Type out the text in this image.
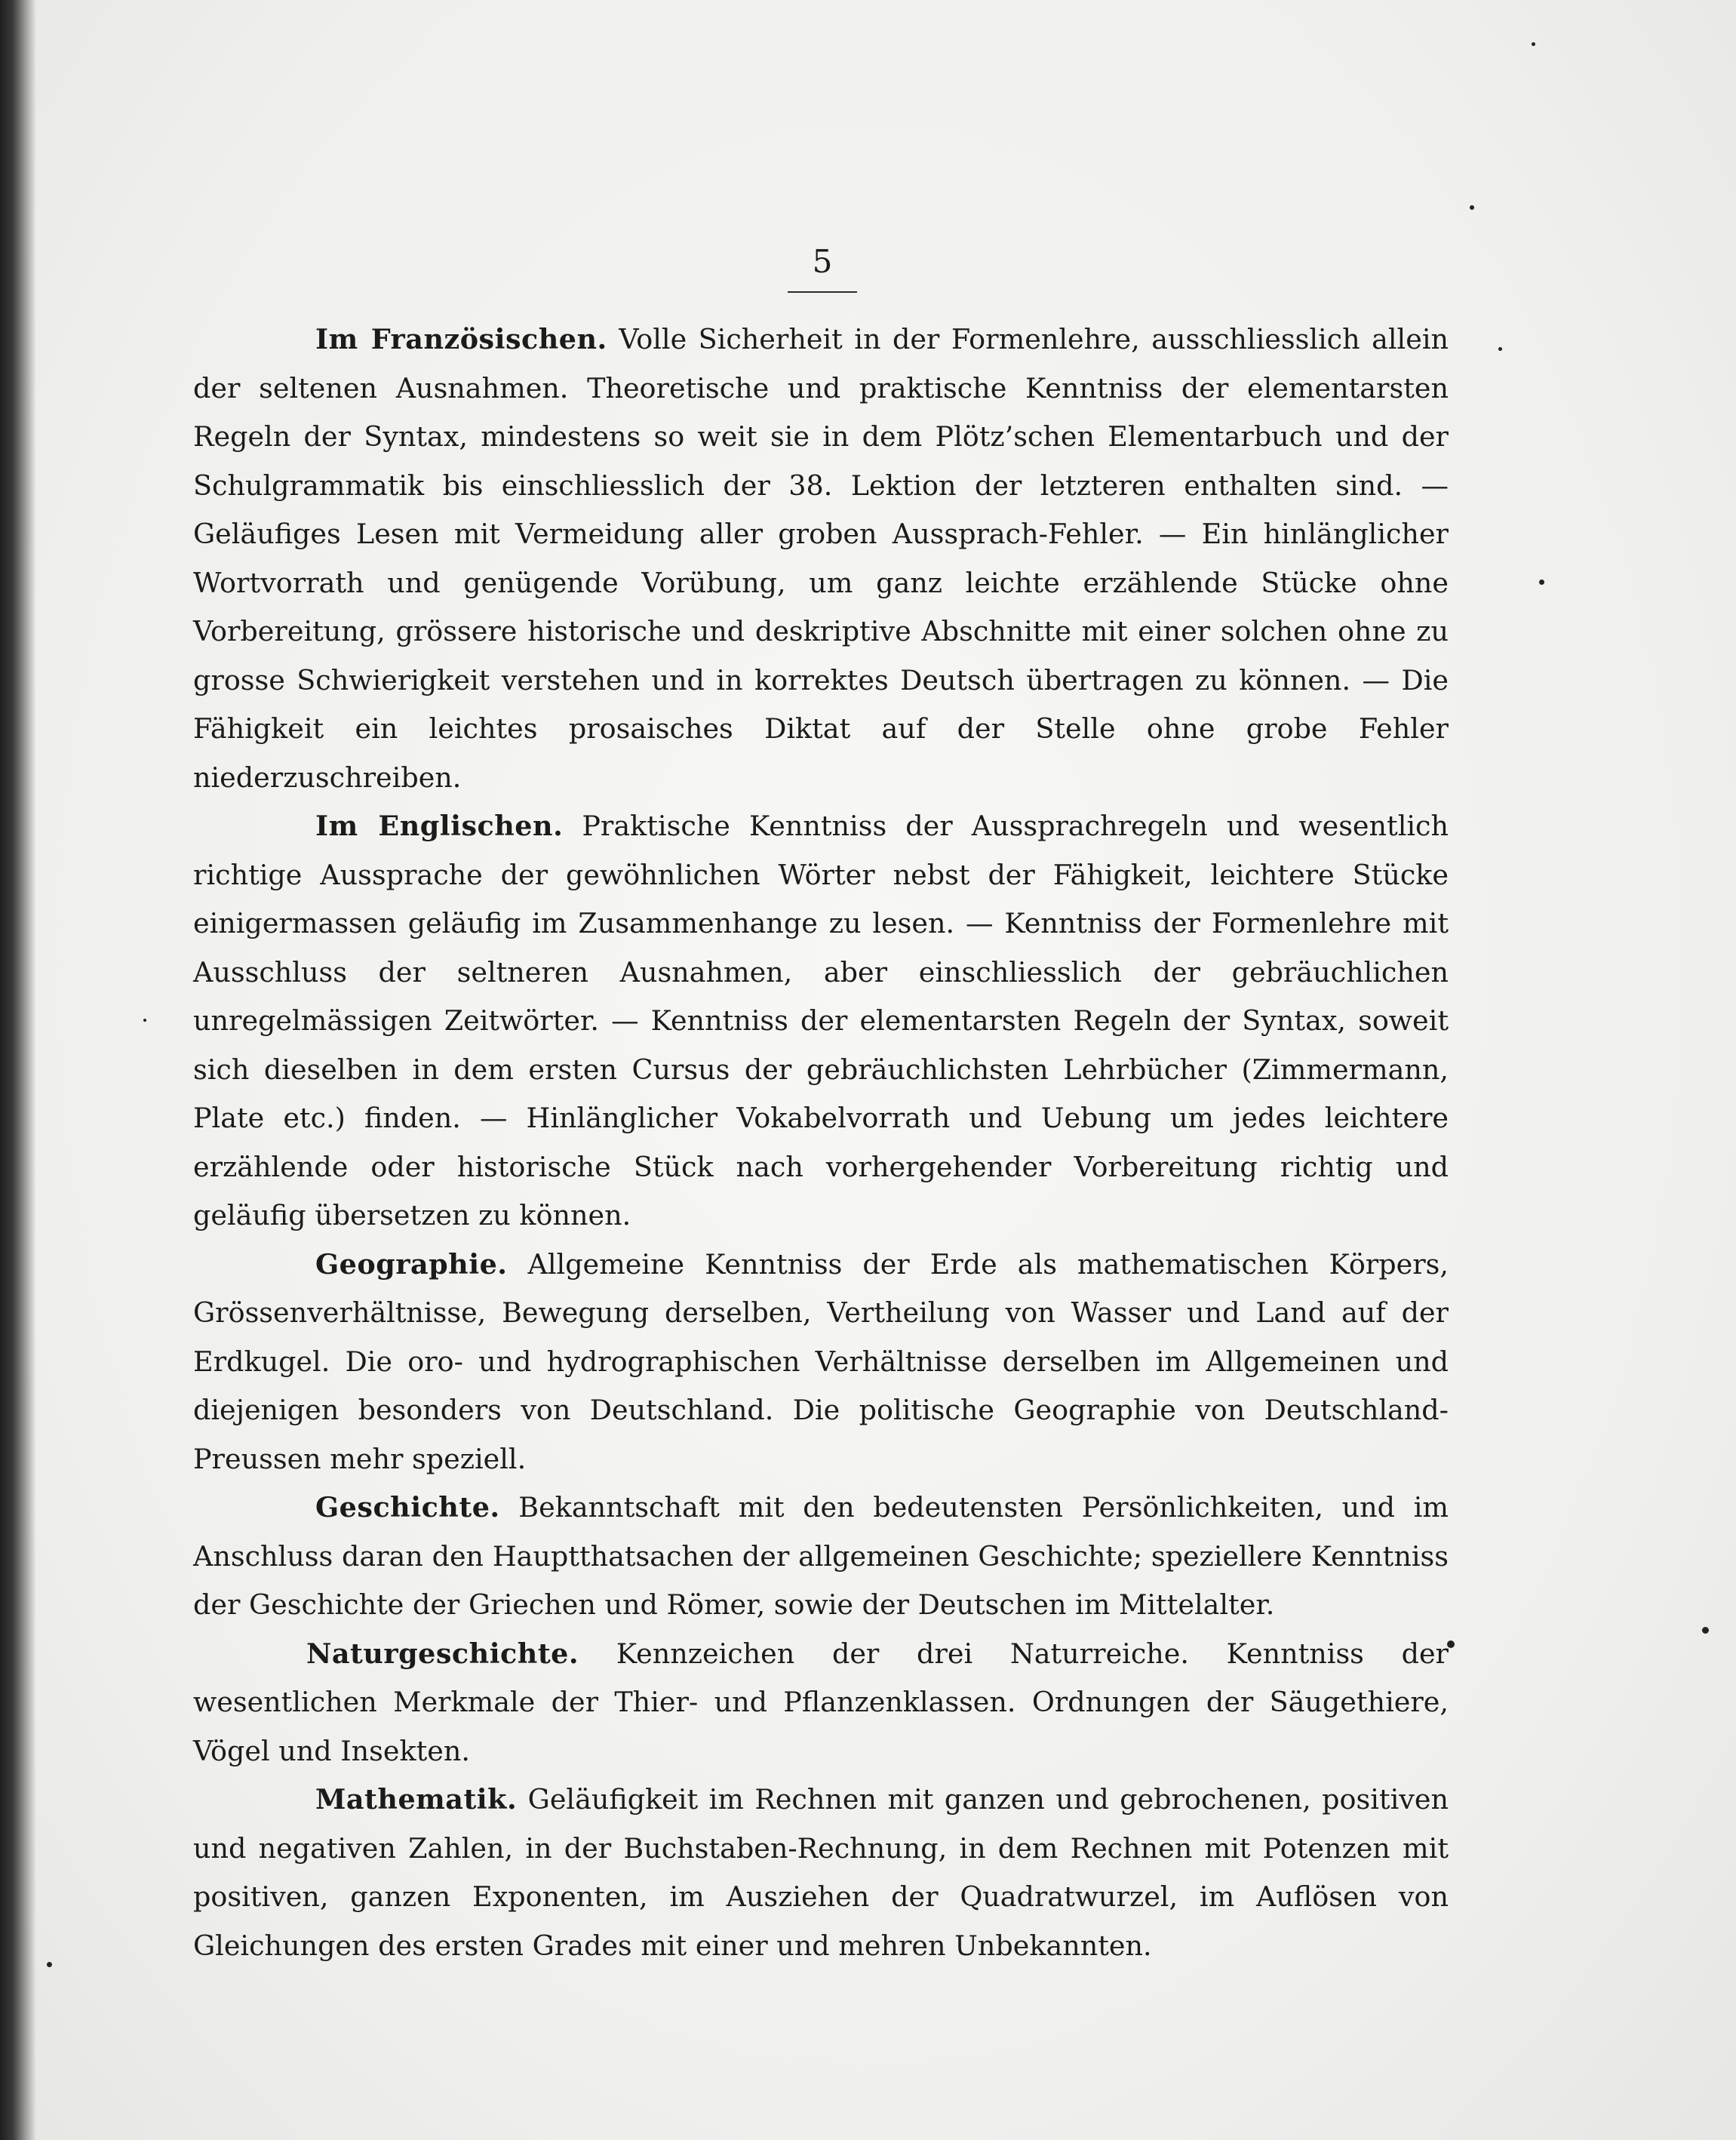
5

Im Französischen. Volle Sicherheit in der Formenlehre, ausschliesslich allein der seltenen Ausnahmen. Theoretische und praktische Kenntniss der elementarsten Regeln der Syntax, mindestens so weit sie in dem Plötz’schen Elementarbuch und der Schulgrammatik bis einschliesslich der 38. Lektion der letzteren enthalten sind. — Geläufiges Lesen mit Vermeidung aller groben Aussprach-Fehler. — Ein hinlänglicher Wortvorrath und genügende Vorübung, um ganz leichte erzählende Stücke ohne Vorbereitung, grössere historische und deskriptive Abschnitte mit einer solchen ohne zu grosse Schwierigkeit verstehen und in korrektes Deutsch übertragen zu können. — Die Fähigkeit ein leichtes prosaisches Diktat auf der Stelle ohne grobe Fehler niederzuschreiben.

Im Englischen. Praktische Kenntniss der Aussprachregeln und wesentlich richtige Aussprache der gewöhnlichen Wörter nebst der Fähigkeit, leichtere Stücke einigermassen geläufig im Zusammenhange zu lesen. — Kenntniss der Formenlehre mit Ausschluss der seltneren Ausnahmen, aber einschliesslich der gebräuchlichen unregelmässigen Zeitwörter. — Kenntniss der elementarsten Regeln der Syntax, soweit sich dieselben in dem ersten Cursus der gebräuchlichsten Lehrbücher (Zimmermann, Plate etc.) finden. — Hinlänglicher Vokabelvorrath und Uebung um jedes leichtere erzählende oder historische Stück nach vorhergehender Vorbereitung richtig und geläufig übersetzen zu können.

Geographie. Allgemeine Kenntniss der Erde als mathematischen Körpers, Grössenverhältnisse, Bewegung derselben, Vertheilung von Wasser und Land auf der Erdkugel. Die oro- und hydrographischen Verhältnisse derselben im Allgemeinen und diejenigen besonders von Deutschland. Die politische Geographie von Deutschland-Preussen mehr speziell.

Geschichte. Bekanntschaft mit den bedeutensten Persönlichkeiten, und im Anschluss daran den Hauptthatsachen der allgemeinen Geschichte; speziellere Kenntniss der Geschichte der Griechen und Römer, sowie der Deutschen im Mittelalter.

Naturgeschichte. Kennzeichen der drei Naturreiche. Kenntniss der wesentlichen Merkmale der Thier- und Pflanzenklassen. Ordnungen der Säugethiere, Vögel und Insekten.

Mathematik. Geläufigkeit im Rechnen mit ganzen und gebrochenen, positiven und negativen Zahlen, in der Buchstaben-Rechnung, in dem Rechnen mit Potenzen mit positiven, ganzen Exponenten, im Ausziehen der Quadratwurzel, im Auflösen von Gleichungen des ersten Grades mit einer und mehren Unbekannten.
